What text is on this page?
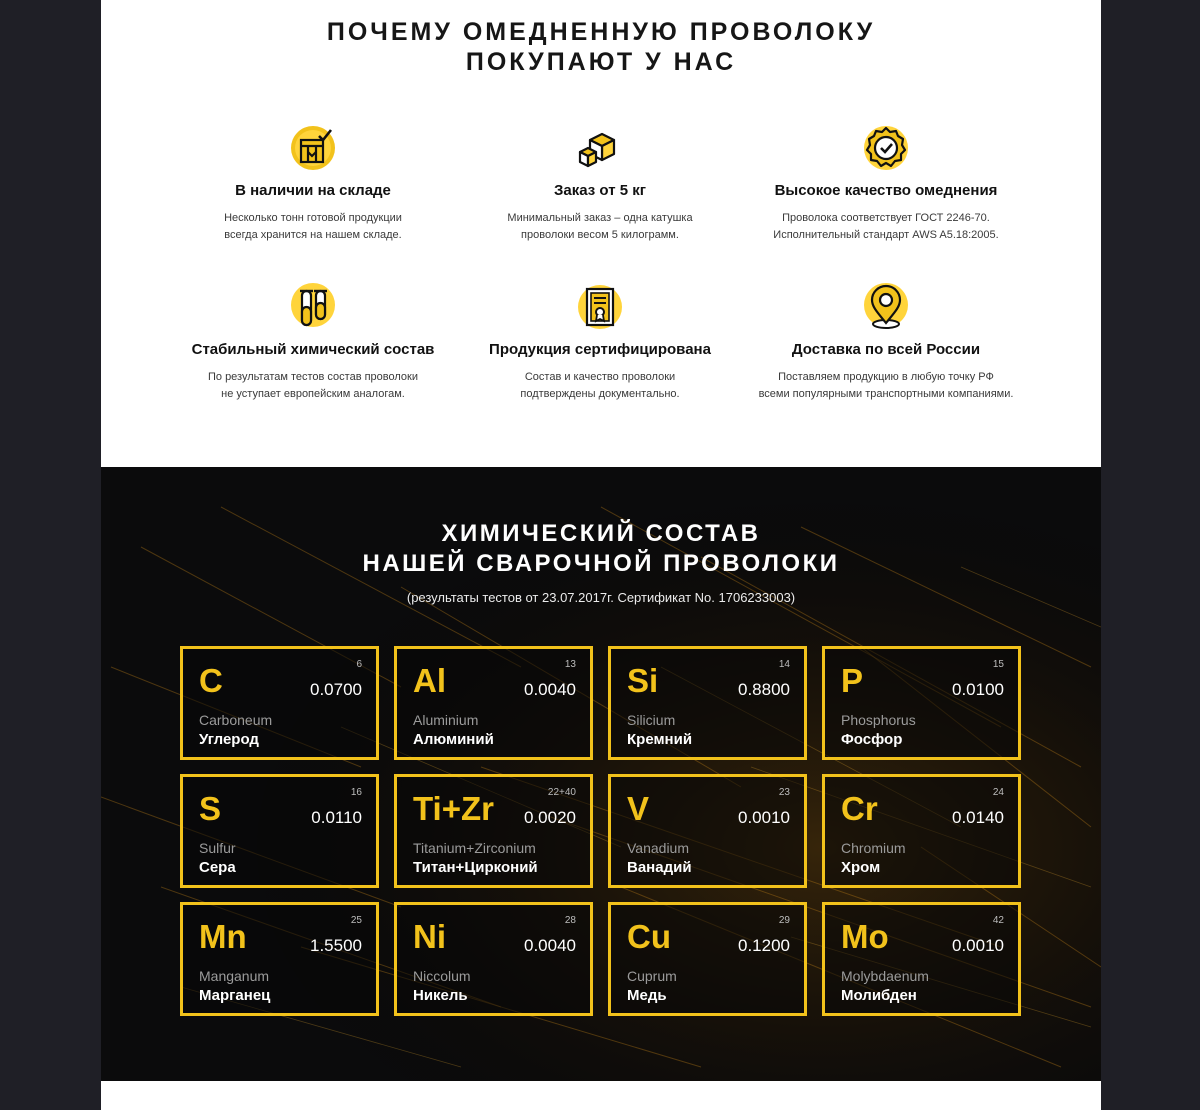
ПОЧЕМУ ОМЕДНЕННУЮ ПРОВОЛОКУ
ПОКУПАЮТ У НАС
В наличии на складе
Несколько тонн готовой продукции
всегда хранится на нашем складе.
Заказ от 5 кг
Минимальный заказ – одна катушка
проволоки весом 5 килограмм.
Высокое качество омеднения
Проволока соответствует ГОСТ 2246-70.
Исполнительный стандарт AWS A5.18:2005.
Стабильный химический состав
По результатам тестов состав проволоки
не уступает европейским аналогам.
Продукция сертифицирована
Состав и качество проволоки
подтверждены документально.
Доставка по всей России
Поставляем продукцию в любую точку РФ
всеми популярными транспортными компаниями.
ХИМИЧЕСКИЙ СОСТАВ
НАШЕЙ СВАРОЧНОЙ ПРОВОЛОКИ
(результаты тестов от 23.07.2017г. Сертификат No. 1706233003)
C	6
0.0700
Carboneum
Углерод
Al	13
0.0040
Aluminium
Алюминий
Si	14
0.8800
Silicium
Кремний
P	15
0.0100
Phosphorus
Фосфор
S	16
0.0110
Sulfur
Сера
Ti+Zr	22+40
0.0020
Titanium+Zirconium
Титан+Цирконий
V	23
0.0010
Vanadium
Ванадий
Cr	24
0.0140
Chromium
Хром
Mn	25
1.5500
Manganum
Марганец
Ni	28
0.0040
Niccolum
Никель
Cu	29
0.1200
Cuprum
Медь
Mo	42
0.0010
Molybdaenum
Молибден
